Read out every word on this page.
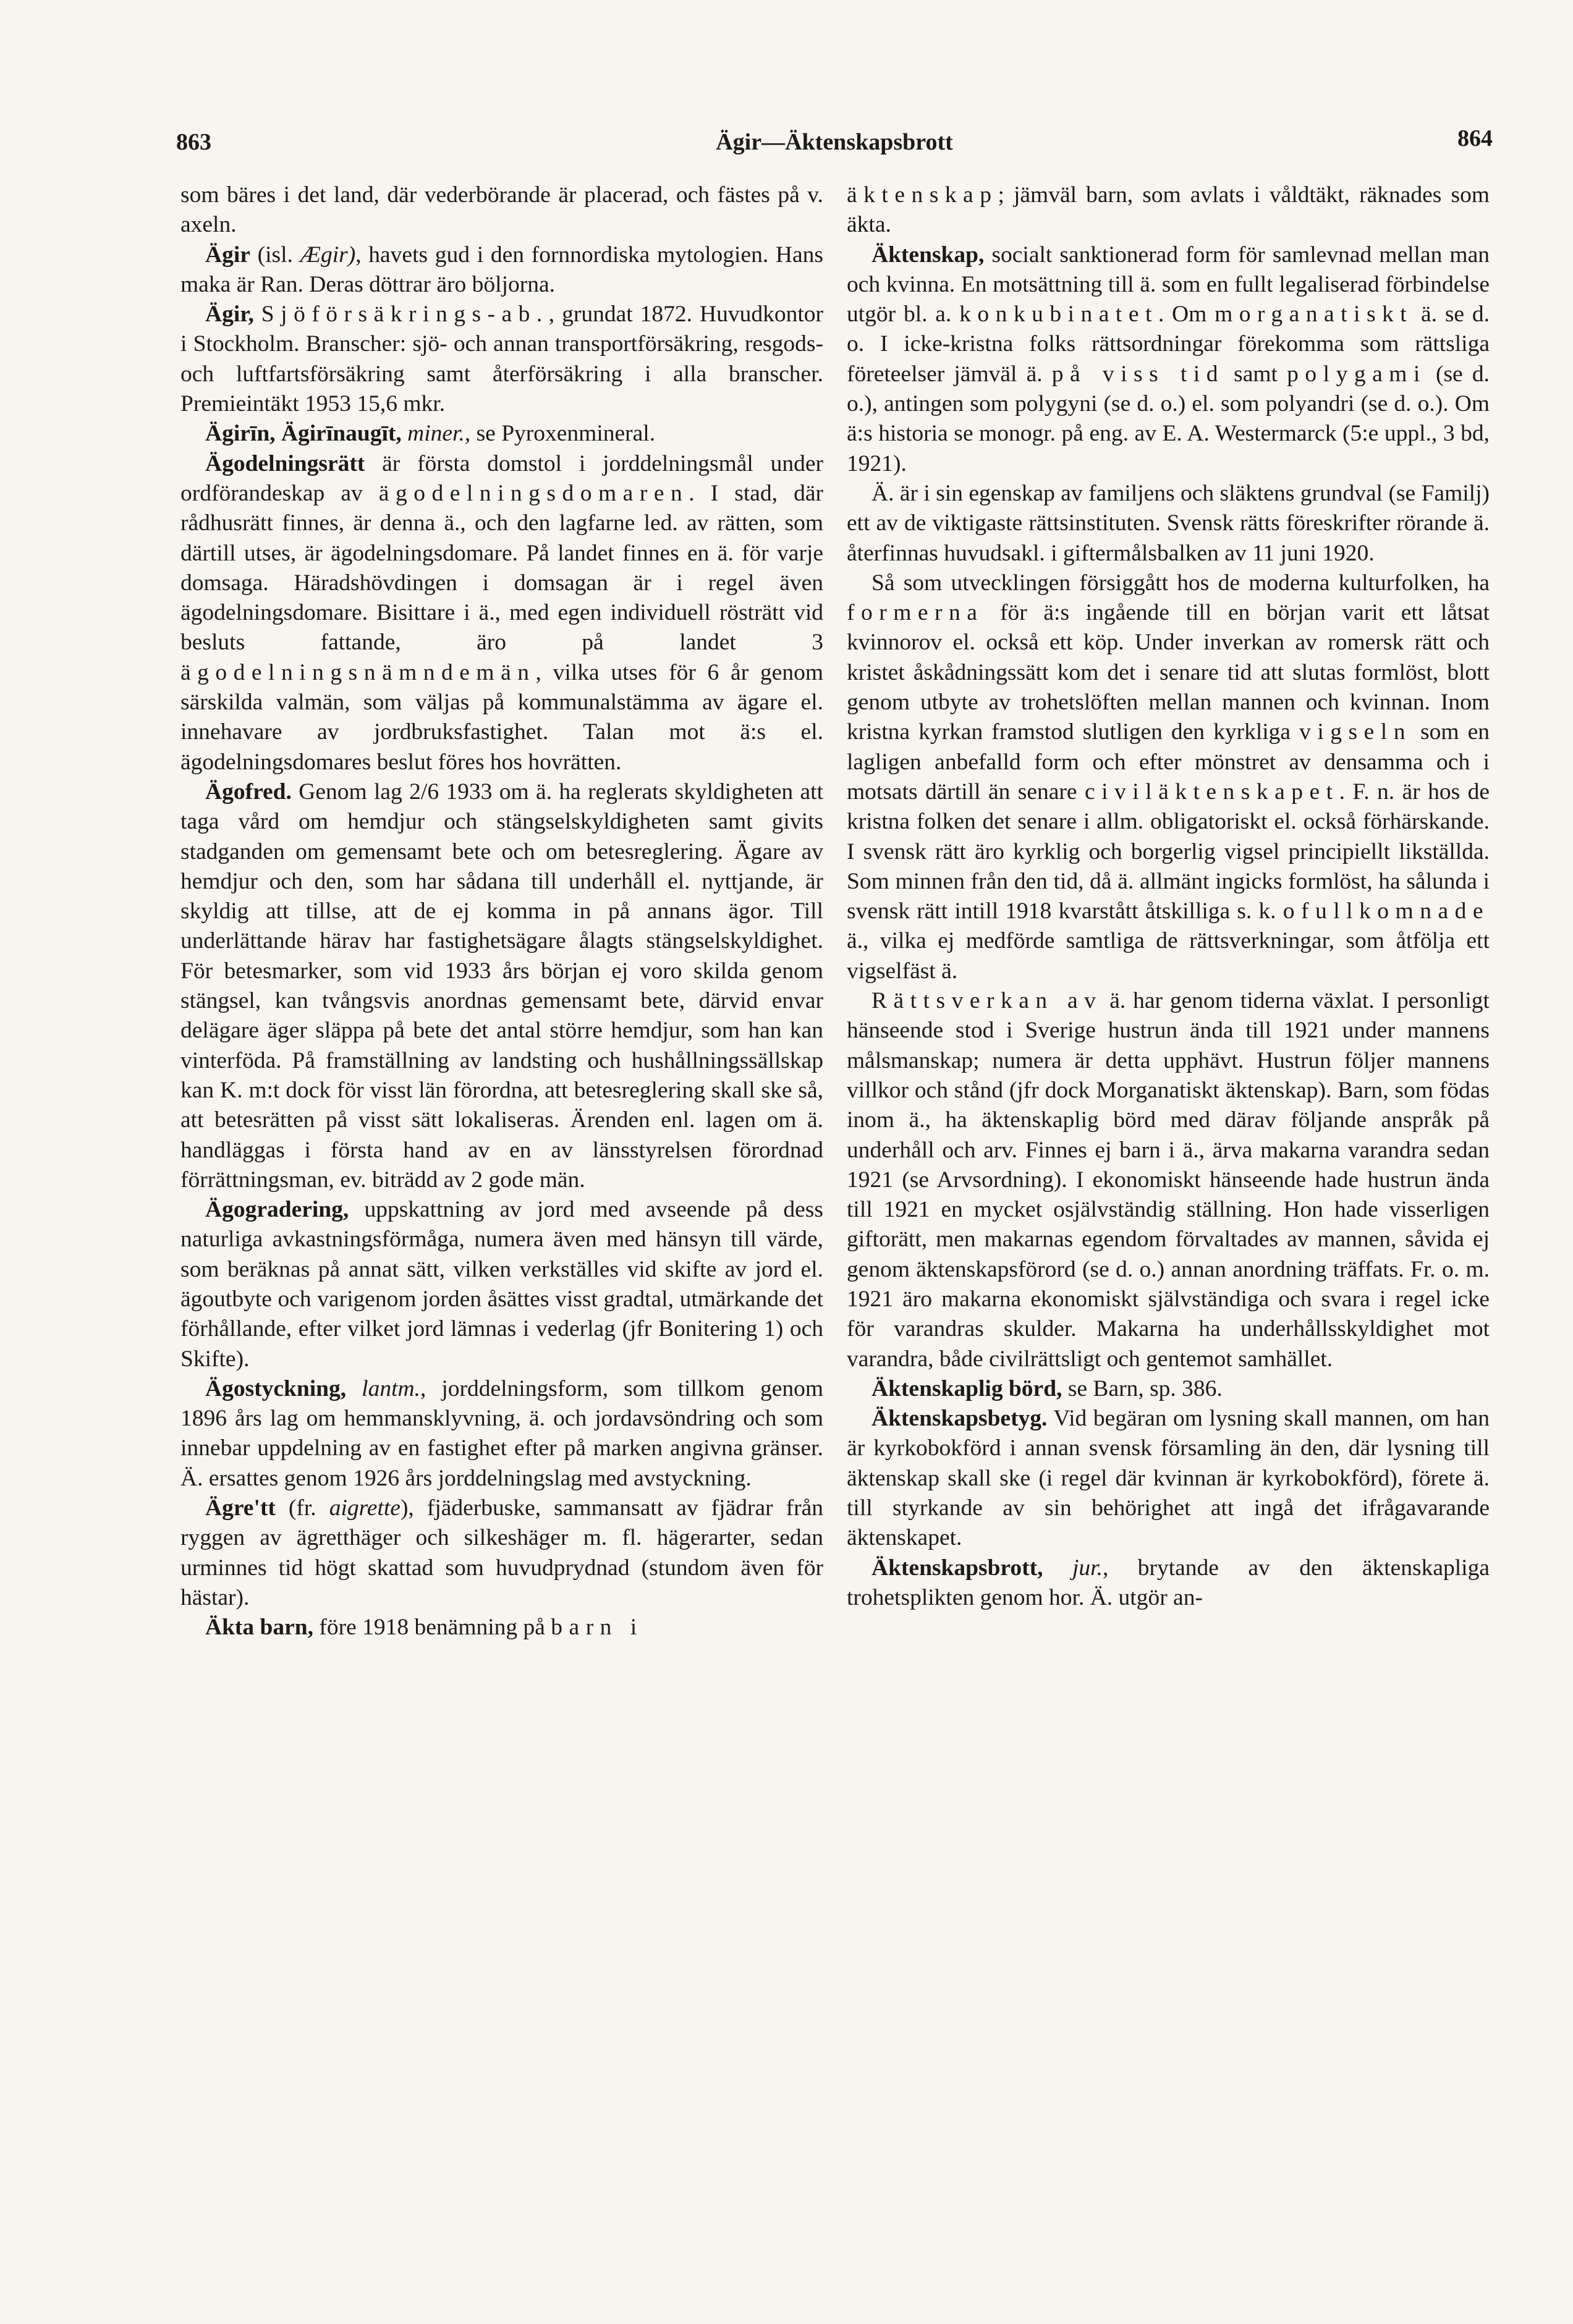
863	Ägir—Äktenskapsbrott	864

som bäres i det land, där vederbörande är placerad, och fästes på v. axeln.

Ägir (isl. Ægir), havets gud i den fornnordiska mytologien. Hans maka är Ran. Deras döttrar äro böljorna.

Ägir, Sjöförsäkrings-ab., grundat 1872. Huvudkontor i Stockholm. Branscher: sjö- och annan transportförsäkring, resgods- och luftfartsförsäkring samt återförsäkring i alla branscher. Premieintäkt 1953 15,6 mkr.

Ägirīn, Ägirīnaugīt, miner., se Pyroxenmineral.

Ägodelningsrätt är första domstol i jorddelningsmål under ordförandeskap av ägodelningsdomaren. I stad, där rådhusrätt finnes, är denna ä., och den lagfarne led. av rätten, som därtill utses, är ägodelningsdomare. På landet finnes en ä. för varje domsaga. Häradshövdingen i domsagan är i regel även ägodelningsdomare. Bisittare i ä., med egen individuell rösträtt vid besluts fattande, äro på landet 3 ägodelningsnämndemän, vilka utses för 6 år genom särskilda valmän, som väljas på kommunalstämma av ägare el. innehavare av jordbruksfastighet. Talan mot ä:s el. ägodelningsdomares beslut föres hos hovrätten.

Ägofred. Genom lag 2/6 1933 om ä. ha reglerats skyldigheten att taga vård om hemdjur och stängselskyldigheten samt givits stadganden om gemensamt bete och om betesreglering. Ägare av hemdjur och den, som har sådana till underhåll el. nyttjande, är skyldig att tillse, att de ej komma in på annans ägor. Till underlättande härav har fastighetsägare ålagts stängselskyldighet. För betesmarker, som vid 1933 års början ej voro skilda genom stängsel, kan tvångsvis anordnas gemensamt bete, därvid envar delägare äger släppa på bete det antal större hemdjur, som han kan vinterföda. På framställning av landsting och hushållningssällskap kan K. m:t dock för visst län förordna, att betesreglering skall ske så, att betesrätten på visst sätt lokaliseras. Ärenden enl. lagen om ä. handläggas i första hand av en av länsstyrelsen förordnad förrättningsman, ev. biträdd av 2 gode män.

Ägogradering, uppskattning av jord med avseende på dess naturliga avkastningsförmåga, numera även med hänsyn till värde, som beräknas på annat sätt, vilken verkställes vid skifte av jord el. ägoutbyte och varigenom jorden åsättes visst gradtal, utmärkande det förhållande, efter vilket jord lämnas i vederlag (jfr Bonitering 1) och Skifte).

Ägostyckning, lantm., jorddelningsform, som tillkom genom 1896 års lag om hemmansklyvning, ä. och jordavsöndring och som innebar uppdelning av en fastighet efter på marken angivna gränser. Ä. ersattes genom 1926 års jorddelningslag med avstyckning.

Ägre'tt (fr. aigrette), fjäderbuske, sammansatt av fjädrar från ryggen av ägretthäger och silkeshäger m. fl. hägerarter, sedan urminnes tid högt skattad som huvudprydnad (stundom även för hästar).

Äkta barn, före 1918 benämning på barn i

äktenskap; jämväl barn, som avlats i våldtäkt, räknades som äkta.

Äktenskap, socialt sanktionerad form för samlevnad mellan man och kvinna. En motsättning till ä. som en fullt legaliserad förbindelse utgör bl. a. konkubinatet. Om morganatiskt ä. se d. o. I icke-kristna folks rättsordningar förekomma som rättsliga företeelser jämväl ä. på viss tid samt polygami (se d. o.), antingen som polygyni (se d. o.) el. som polyandri (se d. o.). Om ä:s historia se monogr. på eng. av E. A. Westermarck (5:e uppl., 3 bd, 1921).

Ä. är i sin egenskap av familjens och släktens grundval (se Familj) ett av de viktigaste rättsinstituten. Svensk rätts föreskrifter rörande ä. återfinnas huvudsakl. i giftermålsbalken av 11 juni 1920.

Så som utvecklingen försiggått hos de moderna kulturfolken, ha formerna för ä:s ingående till en början varit ett låtsat kvinnorov el. också ett köp. Under inverkan av romersk rätt och kristet åskådningssätt kom det i senare tid att slutas formlöst, blott genom utbyte av trohetslöften mellan mannen och kvinnan. Inom kristna kyrkan framstod slutligen den kyrkliga vigseln som en lagligen anbefalld form och efter mönstret av densamma och i motsats därtill än senare civiläktenskapet. F. n. är hos de kristna folken det senare i allm. obligatoriskt el. också förhärskande. I svensk rätt äro kyrklig och borgerlig vigsel principiellt likställda. Som minnen från den tid, då ä. allmänt ingicks formlöst, ha sålunda i svensk rätt intill 1918 kvarstått åtskilliga s. k. ofullkomnade ä., vilka ej medförde samtliga de rättsverkningar, som åtfölja ett vigselfäst ä.

Rättsverkan av ä. har genom tiderna växlat. I personligt hänseende stod i Sverige hustrun ända till 1921 under mannens målsmanskap; numera är detta upphävt. Hustrun följer mannens villkor och stånd (jfr dock Morganatiskt äktenskap). Barn, som födas inom ä., ha äktenskaplig börd med därav följande anspråk på underhåll och arv. Finnes ej barn i ä., ärva makarna varandra sedan 1921 (se Arvsordning). I ekonomiskt hänseende hade hustrun ända till 1921 en mycket osjälvständig ställning. Hon hade visserligen giftorätt, men makarnas egendom förvaltades av mannen, såvida ej genom äktenskapsförord (se d. o.) annan anordning träffats. Fr. o. m. 1921 äro makarna ekonomiskt självständiga och svara i regel icke för varandras skulder. Makarna ha underhållsskyldighet mot varandra, både civilrättsligt och gentemot samhället.

Äktenskaplig börd, se Barn, sp. 386.

Äktenskapsbetyg. Vid begäran om lysning skall mannen, om han är kyrkobokförd i annan svensk församling än den, där lysning till äktenskap skall ske (i regel där kvinnan är kyrkobokförd), förete ä. till styrkande av sin behörighet att ingå det ifrågavarande äktenskapet.

Äktenskapsbrott, jur., brytande av den äktenskapliga trohetsplikten genom hor. Ä. utgör an-
